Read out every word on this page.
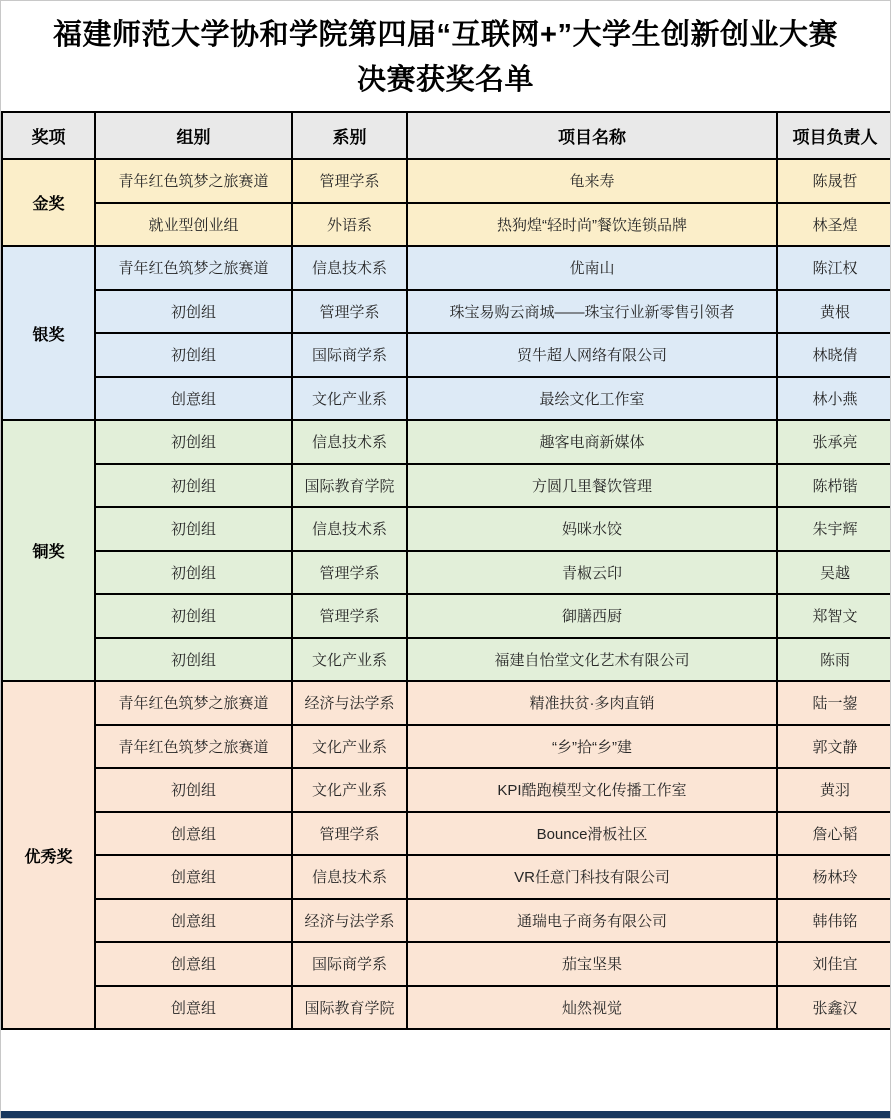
福建师范大学协和学院第四届“互联网+”大学生创新创业大赛
决赛获奖名单
奖项	组别	系别	项目名称	项目负责人
金奖	青年红色筑梦之旅赛道	管理学系	龟来寿	陈晟哲
	就业型创业组	外语系	热狗煌“轻时尚”餐饮连锁品牌	林圣煌
银奖	青年红色筑梦之旅赛道	信息技术系	优南山	陈江权
	初创组	管理学系	珠宝易购云商城——珠宝行业新零售引领者	黄根
	初创组	国际商学系	贸牛超人网络有限公司	林晓倩
	创意组	文化产业系	最绘文化工作室	林小燕
铜奖	初创组	信息技术系	趣客电商新媒体	张承亮
	初创组	国际教育学院	方圆几里餐饮管理	陈栉锴
	初创组	信息技术系	妈咪水饺	朱宇辉
	初创组	管理学系	青椒云印	吴越
	初创组	管理学系	御膳西厨	郑智文
	初创组	文化产业系	福建自怡堂文化艺术有限公司	陈雨
优秀奖	青年红色筑梦之旅赛道	经济与法学系	精准扶贫·多肉直销	陆一鋆
	青年红色筑梦之旅赛道	文化产业系	“乡”拾“乡”建	郭文静
	初创组	文化产业系	KPI酷跑模型文化传播工作室	黄羽
	创意组	管理学系	Bounce滑板社区	詹心韬
	创意组	信息技术系	VR任意门科技有限公司	杨林玲
	创意组	经济与法学系	通瑞电子商务有限公司	韩伟铭
	创意组	国际商学系	茄宝坚果	刘佳宜
	创意组	国际教育学院	灿然视觉	张鑫汉
